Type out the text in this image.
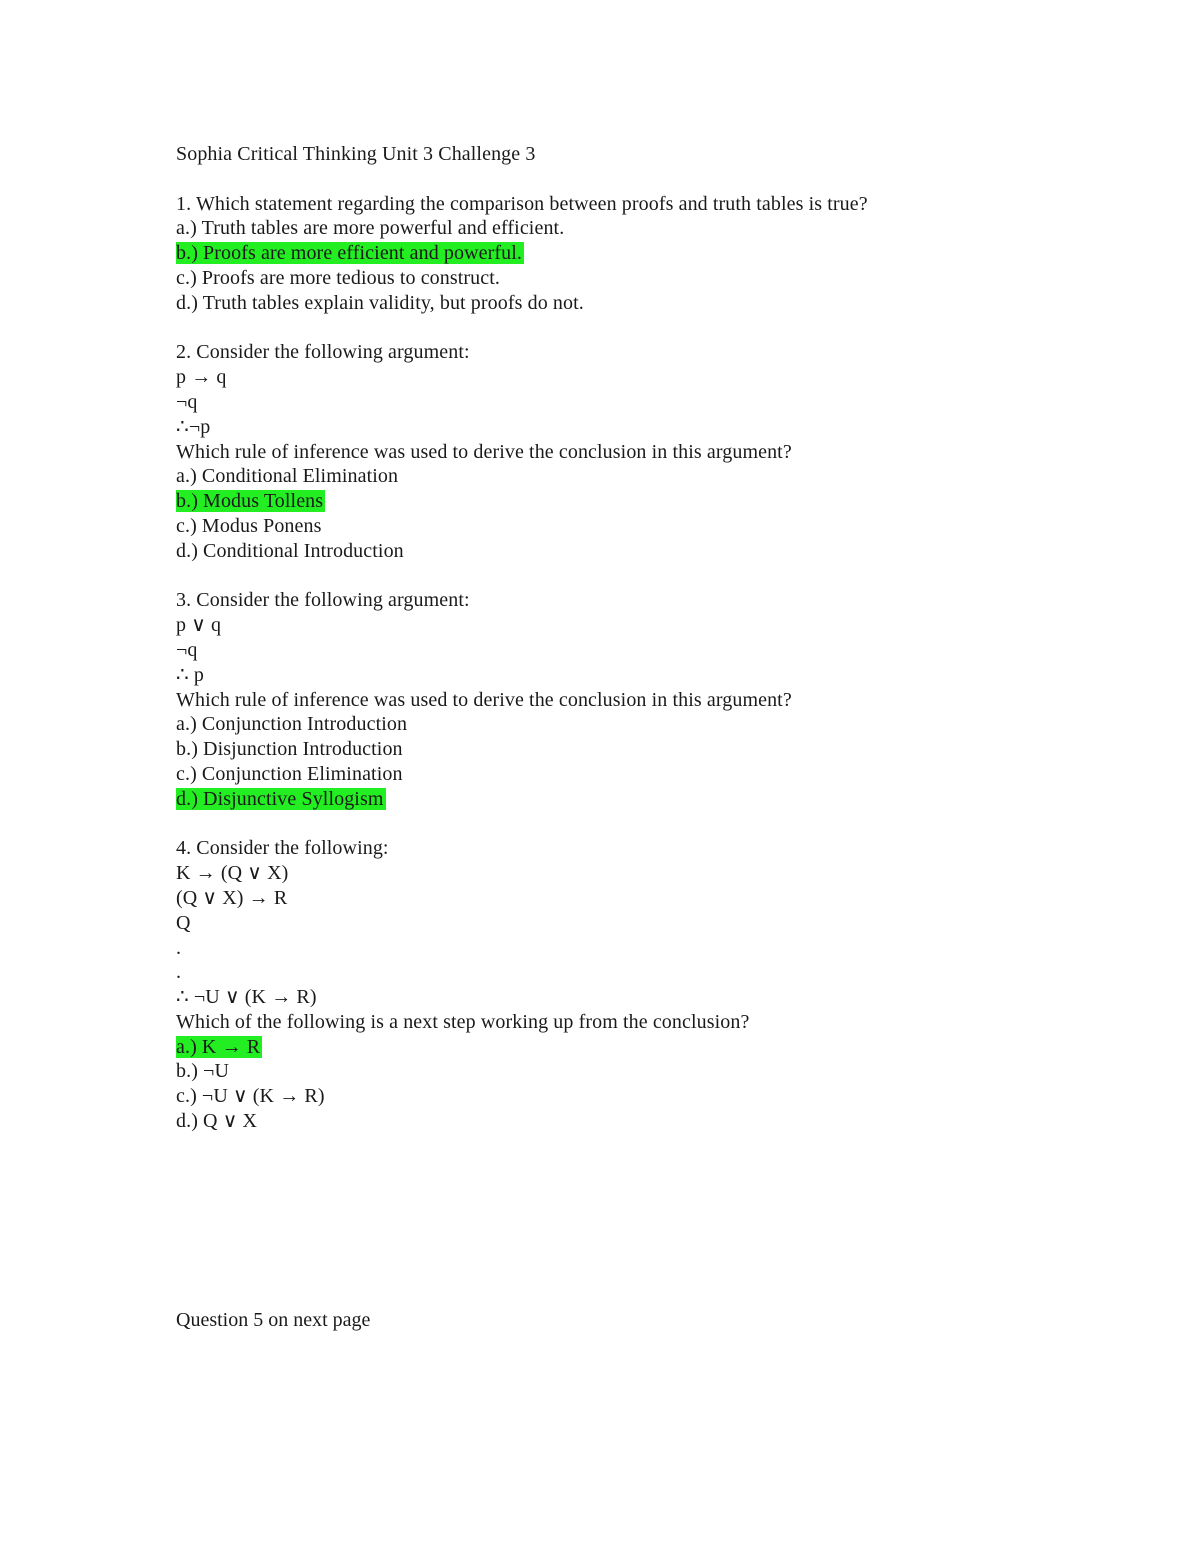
Sophia Critical Thinking Unit 3 Challenge 3
1. Which statement regarding the comparison between proofs and truth tables is true?
a.) Truth tables are more powerful and efficient.
b.) Proofs are more efficient and powerful.
c.) Proofs are more tedious to construct.
d.) Truth tables explain validity, but proofs do not.
2. Consider the following argument:
p → q
¬q
∴¬p
Which rule of inference was used to derive the conclusion in this argument?
a.) Conditional Elimination
b.) Modus Tollens
c.) Modus Ponens
d.) Conditional Introduction
3. Consider the following argument:
p ∨ q
¬q
∴ p
Which rule of inference was used to derive the conclusion in this argument?
a.) Conjunction Introduction
b.) Disjunction Introduction
c.) Conjunction Elimination
d.) Disjunctive Syllogism
4. Consider the following:
K → (Q ∨ X)
(Q ∨ X) → R
Q
.
.
∴ ¬U ∨ (K → R)
Which of the following is a next step working up from the conclusion?
a.) K → R
b.) ¬U
c.) ¬U ∨ (K → R)
d.) Q ∨ X
Question 5 on next page
